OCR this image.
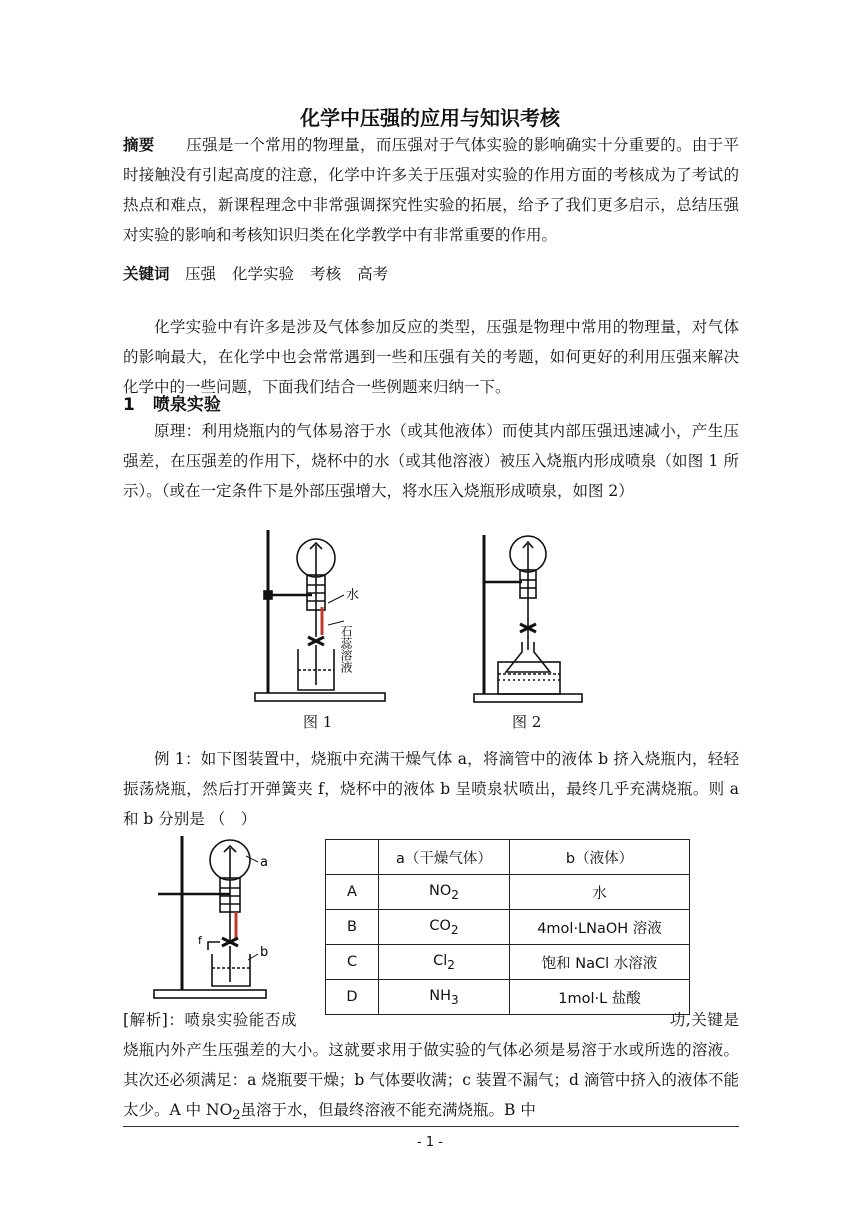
化学中压强的应用与知识考核
摘要　　 压强是一个常用的物理量，而压强对于气体实验的影响确实十分重要的。由于平时接触没有引起高度的注意，化学中许多关于压强对实验的作用方面的考核成为了考试的热点和难点，新课程理念中非常强调探究性实验的拓展，给予了我们更多启示，总结压强对实验的影响和考核知识归类在化学教学中有非常重要的作用。
关键词　 压强 化学实验 考核 高考
化学实验中有许多是涉及气体参加反应的类型，压强是物理中常用的物理量，对气体的影响最大，在化学中也会常常遇到一些和压强有关的考题，如何更好的利用压强来解决化学中的一些问题，下面我们结合一些例题来归纳一下。
1 喷泉实验
原理：利用烧瓶内的气体易溶于水（或其他液体）而使其内部压强迅速减小，产生压强差，在压强差的作用下，烧杯中的水（或其他溶液）被压入烧瓶内形成喷泉（如图 1 所示）。（或在一定条件下是外部压强增大，将水压入烧瓶形成喷泉，如图 2）
水
石蕊溶液
图 1	图 2
例 1：如下图装置中，烧瓶中充满干燥气体 a，将滴管中的液体 b 挤入烧瓶内，轻轻振荡烧瓶，然后打开弹簧夹 f，烧杯中的液体 b 呈喷泉状喷出，最终几乎充满烧瓶。则 a 和 b 分别是 （　）
a
b
f
	a（干燥气体）	b（液体）
A	$NO_2$	水
B	$CO_2$	4mol·LNaOH 溶液
C	$Cl_2$	饱和 NaCl 水溶液
D	$NH_3$	1mol·L 盐酸
[解析]：喷泉实验能否成	功,关键是烧瓶内外产生压强差的大小。这就要求用于做实验的气体必须是易溶于水或所选的溶液。其次还必须满足：a 烧瓶要干燥；b 气体要收满；c 装置不漏气；d 滴管中挤入的液体不能太少。A 中 $NO_2$虽溶于水，但最终溶液不能充满烧瓶。B 中
- 1 -
